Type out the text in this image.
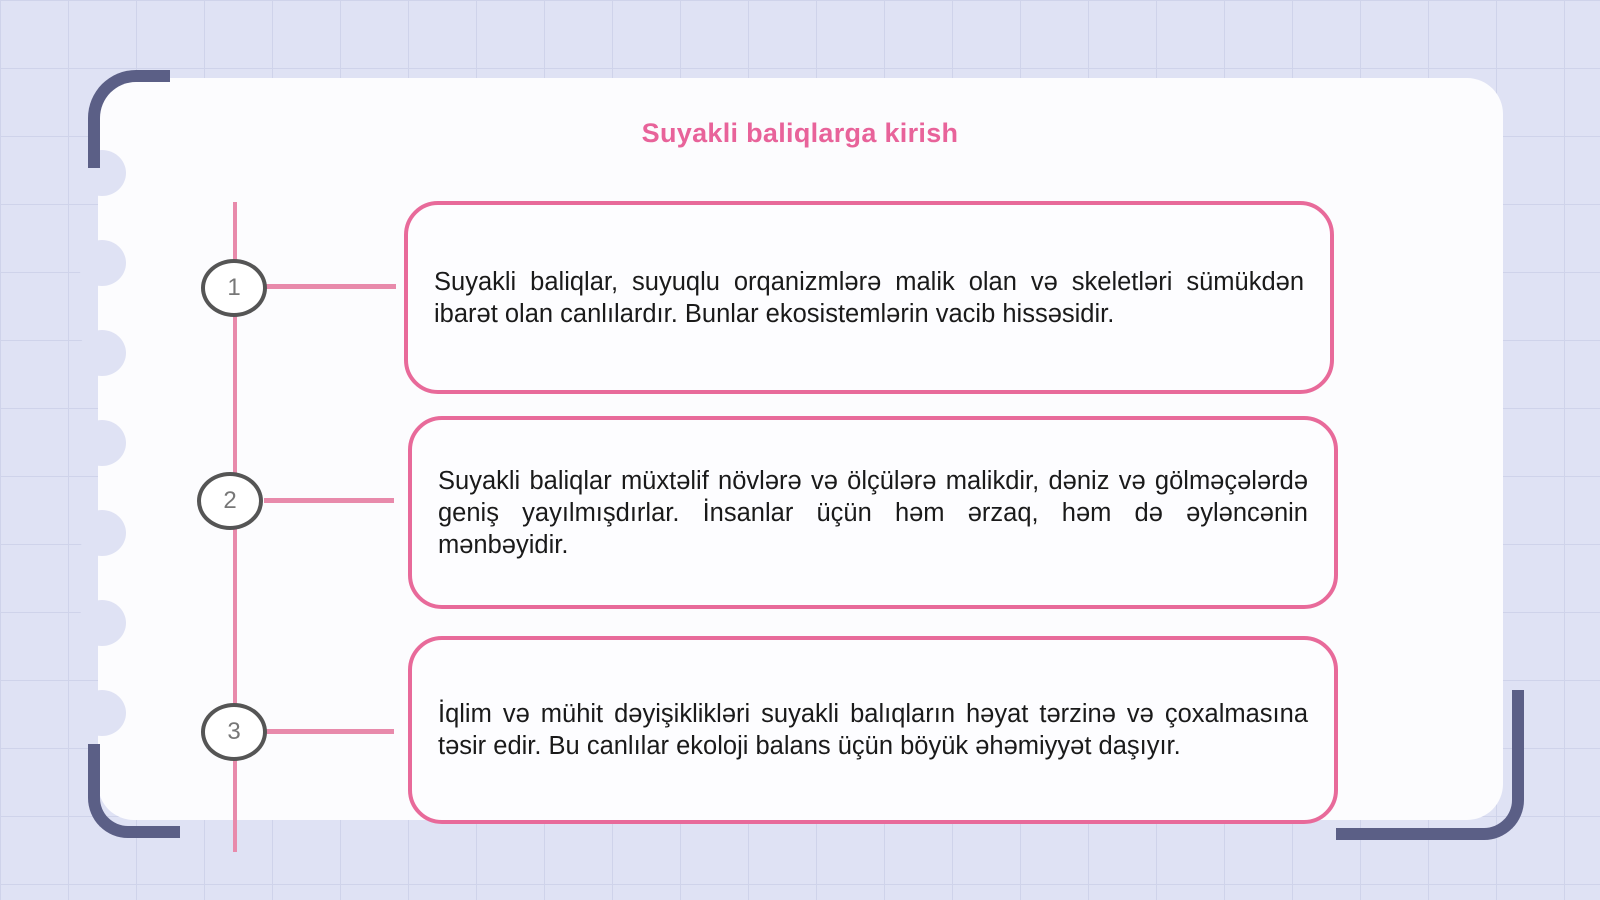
Suyakli baliqlarga kirish
1	Suyakli baliqlar, suyuqlu orqanizmlərə malik olan və skeletləri sümükdən ibarət olan canlılardır. Bunlar ekosistemlərin vacib hissəsidir.

2

Suyakli baliqlar müxtəlif növlərə və ölçülərə malikdir, dəniz və gölməçələrdə geniş yayılmışdırlar. İnsanlar üçün həm ərzaq, həm də əyləncənin mənbəyidir.

3

İqlim və mühit dəyişiklikləri suyakli balıqların həyat tərzinə və çoxalmasına təsir edir. Bu canlılar ekoloji balans üçün böyük əhəmiyyət daşıyır.
